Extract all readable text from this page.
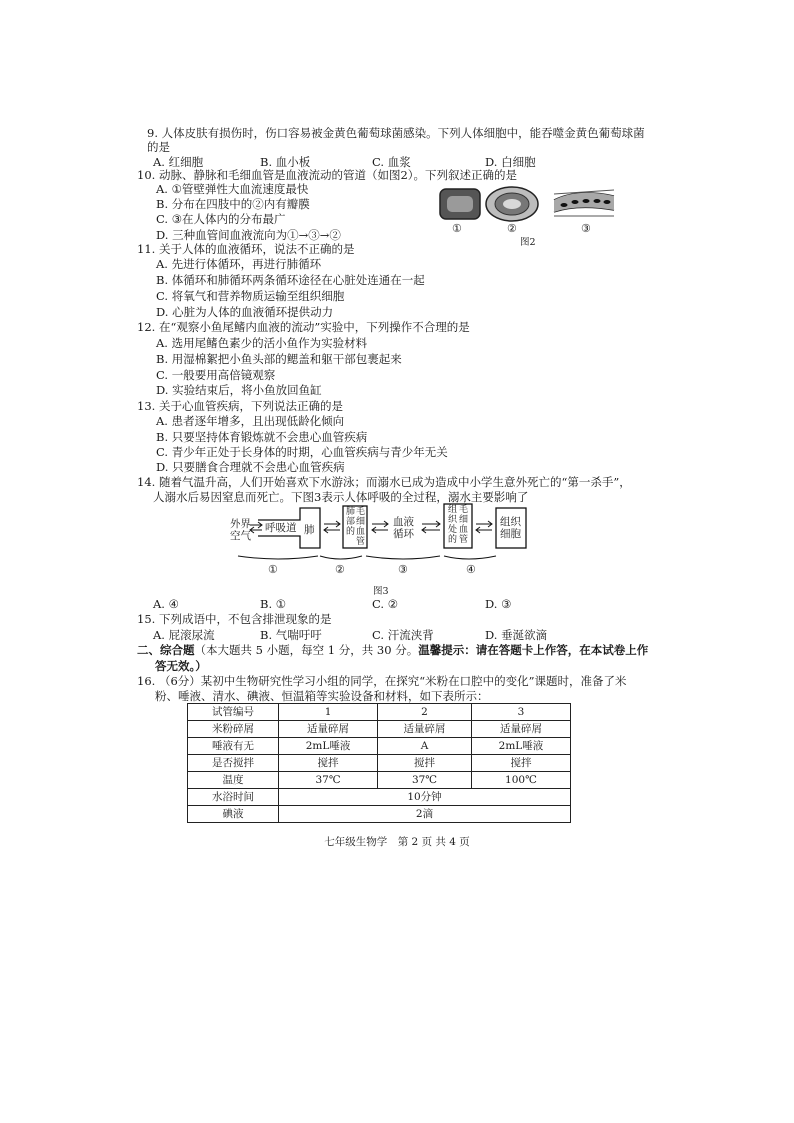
9. 人体皮肤有损伤时，伤口容易被金黄色葡萄球菌感染。下列人体细胞中，能吞噬金黄色葡萄球菌
的是
A. 红细胞	B. 血小板	C. 血浆	D. 白细胞
10. 动脉、静脉和毛细血管是血液流动的管道（如图2）。下列叙述正确的是
A. ①管壁弹性大血流速度最快
B. 分布在四肢中的②内有瓣膜
C. ③在人体内的分布最广
D. 三种血管间血液流向为①→③→②	①	②	③
图2
11. 关于人体的血液循环，说法不正确的是
A. 先进行体循环，再进行肺循环
B. 体循环和肺循环两条循环途径在心脏处连通在一起
C. 将氧气和营养物质运输至组织细胞
D. 心脏为人体的血液循环提供动力
12. 在“观察小鱼尾鳍内血液的流动”实验中，下列操作不合理的是
A. 选用尾鳍色素少的活小鱼作为实验材料
B. 用湿棉絮把小鱼头部的鳃盖和躯干部包裹起来
C. 一般要用高倍镜观察
D. 实验结束后，将小鱼放回鱼缸
13. 关于心血管疾病，下列说法正确的是
A. 患者逐年增多，且出现低龄化倾向
B. 只要坚持体育锻炼就不会患心血管疾病
C. 青少年正处于长身体的时期，心血管疾病与青少年无关
D. 只要膳食合理就不会患心血管疾病
14. 随着气温升高，人们开始喜欢下水游泳；而溺水已成为造成中小学生意外死亡的“第一杀手”，
人溺水后易因窒息而死亡。下图3表示人体呼吸的全过程，溺水主要影响了
外界
空气
呼吸道 肺
肺
部
的
毛
细
血
管
血液
循环
组
织
处
的
毛
细
血
管
组织
细胞
①	②	③	④
图3
A. ④	B. ①	C. ②	D. ③
15. 下列成语中，不包含排泄现象的是
A. 屁滚尿流	B. 气喘吁吁	C. 汗流浃背	D. 垂涎欲滴
二、综合题（本大题共 5 小题，每空 1 分，共 30 分。温馨提示：请在答题卡上作答，在本试卷上作
答无效。）
16. （6分）某初中生物研究性学习小组的同学，在探究“米粉在口腔中的变化”课题时，准备了米
粉、唾液、清水、碘液、恒温箱等实验设备和材料，如下表所示：
试管编号	1	2	3
米粉碎屑	适量碎屑	适量碎屑	适量碎屑
唾液有无	2mL唾液	A	2mL唾液
是否搅拌	搅拌	搅拌	搅拌
温度	37℃	37℃	100℃
水浴时间	10分钟		
碘液	2滴		
七年级生物学　第 2 页 共 4 页
